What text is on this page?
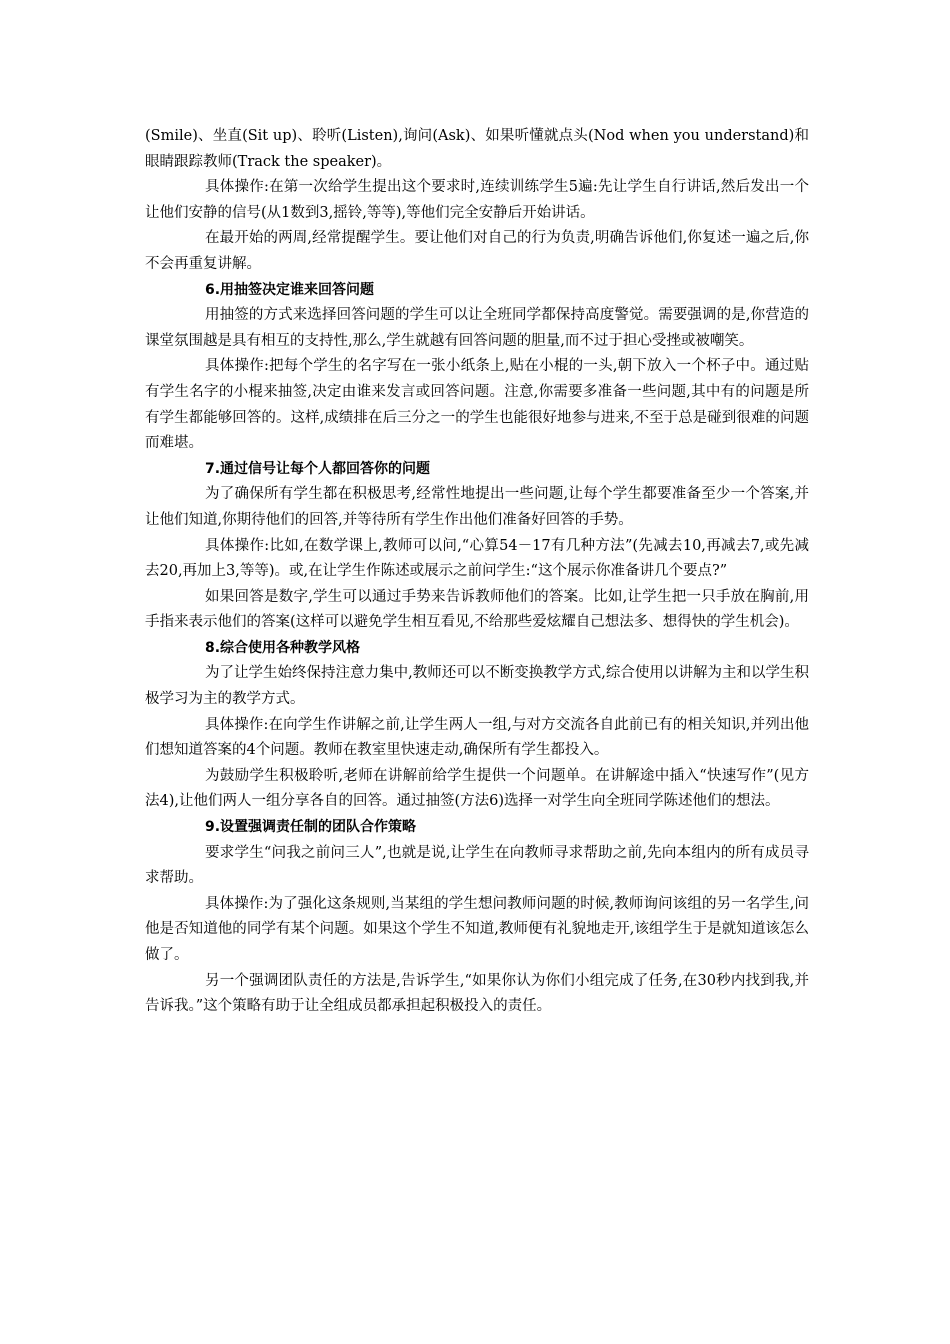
(Smile)、坐直(Sit up)、聆听(Listen),询问(Ask)、如果听懂就点头(Nod when you understand)和眼睛跟踪教师(Track the speaker)。

具体操作:在第一次给学生提出这个要求时,连续训练学生5遍:先让学生自行讲话,然后发出一个让他们安静的信号(从1数到3,摇铃,等等),等他们完全安静后开始讲话。

在最开始的两周,经常提醒学生。要让他们对自己的行为负责,明确告诉他们,你复述一遍之后,你不会再重复讲解。

6.用抽签决定谁来回答问题

用抽签的方式来选择回答问题的学生可以让全班同学都保持高度警觉。需要强调的是,你营造的课堂氛围越是具有相互的支持性,那么,学生就越有回答问题的胆量,而不过于担心受挫或被嘲笑。

具体操作:把每个学生的名字写在一张小纸条上,贴在小棍的一头,朝下放入一个杯子中。通过贴有学生名字的小棍来抽签,决定由谁来发言或回答问题。注意,你需要多准备一些问题,其中有的问题是所有学生都能够回答的。这样,成绩排在后三分之一的学生也能很好地参与进来,不至于总是碰到很难的问题而难堪。

7.通过信号让每个人都回答你的问题

为了确保所有学生都在积极思考,经常性地提出一些问题,让每个学生都要准备至少一个答案,并让他们知道,你期待他们的回答,并等待所有学生作出他们准备好回答的手势。

具体操作:比如,在数学课上,教师可以问,“心算54－17有几种方法”(先减去10,再减去7,或先减去20,再加上3,等等)。或,在让学生作陈述或展示之前问学生:“这个展示你准备讲几个要点?”

如果回答是数字,学生可以通过手势来告诉教师他们的答案。比如,让学生把一只手放在胸前,用手指来表示他们的答案(这样可以避免学生相互看见,不给那些爱炫耀自己想法多、想得快的学生机会)。

8.综合使用各种教学风格

为了让学生始终保持注意力集中,教师还可以不断变换教学方式,综合使用以讲解为主和以学生积极学习为主的教学方式。

具体操作:在向学生作讲解之前,让学生两人一组,与对方交流各自此前已有的相关知识,并列出他们想知道答案的4个问题。教师在教室里快速走动,确保所有学生都投入。

为鼓励学生积极聆听,老师在讲解前给学生提供一个问题单。在讲解途中插入“快速写作”(见方法4),让他们两人一组分享各自的回答。通过抽签(方法6)选择一对学生向全班同学陈述他们的想法。

9.设置强调责任制的团队合作策略

要求学生“问我之前问三人”,也就是说,让学生在向教师寻求帮助之前,先向本组内的所有成员寻求帮助。

具体操作:为了强化这条规则,当某组的学生想问教师问题的时候,教师询问该组的另一名学生,问他是否知道他的同学有某个问题。如果这个学生不知道,教师便有礼貌地走开,该组学生于是就知道该怎么做了。

另一个强调团队责任的方法是,告诉学生,“如果你认为你们小组完成了任务,在30秒内找到我,并告诉我。”这个策略有助于让全组成员都承担起积极投入的责任。
